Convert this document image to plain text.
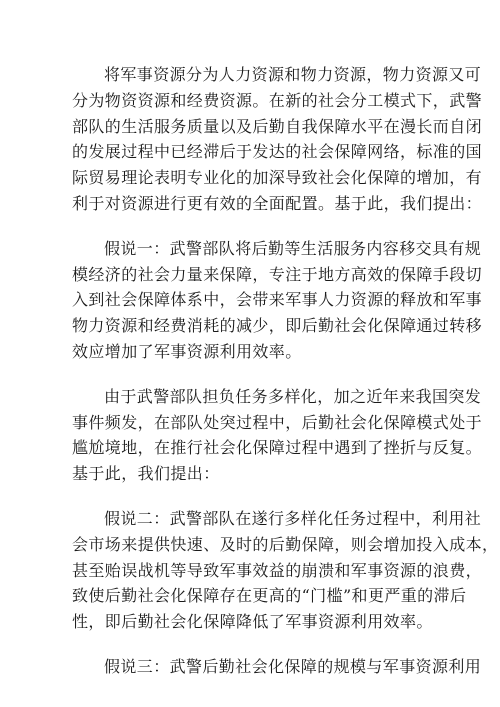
将军事资源分为人力资源和物力资源，物力资源又可
分为物资资源和经费资源。在新的社会分工模式下，武警
部队的生活服务质量以及后勤自我保障水平在漫长而自闭
的发展过程中已经滞后于发达的社会保障网络，标准的国
际贸易理论表明专业化的加深导致社会化保障的增加，有
利于对资源进行更有效的全面配置。基于此，我们提出：

假说一：武警部队将后勤等生活服务内容移交具有规
模经济的社会力量来保障，专注于地方高效的保障手段切
入到社会保障体系中，会带来军事人力资源的释放和军事
物力资源和经费消耗的减少，即后勤社会化保障通过转移
效应增加了军事资源利用效率。

由于武警部队担负任务多样化，加之近年来我国突发
事件频发，在部队处突过程中，后勤社会化保障模式处于
尴尬境地，在推行社会化保障过程中遇到了挫折与反复。
基于此，我们提出：

假说二：武警部队在遂行多样化任务过程中，利用社
会市场来提供快速、及时的后勤保障，则会增加投入成本，
甚至贻误战机等导致军事效益的崩溃和军事资源的浪费，
致使后勤社会化保障存在更高的“门槛”和更严重的滞后
性，即后勤社会化保障降低了军事资源利用效率。

假说三：武警后勤社会化保障的规模与军事资源利用
